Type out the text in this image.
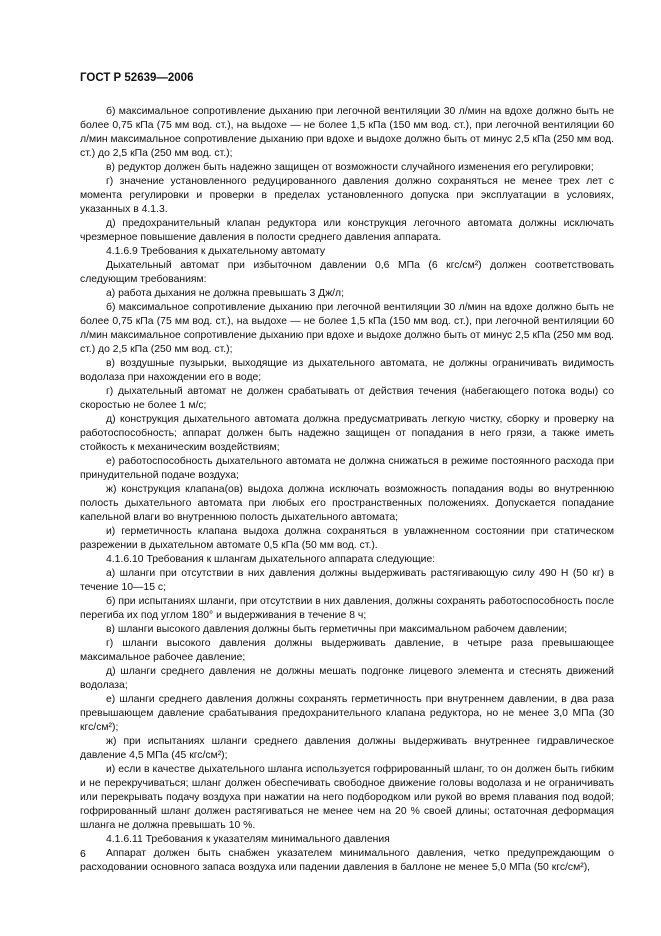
ГОСТ Р 52639—2006

б) максимальное сопротивление дыханию при легочной вентиляции 30 л/мин на вдохе должно быть не более 0,75 кПа (75 мм вод. ст.), на выдохе — не более 1,5 кПа (150 мм вод. ст.), при легочной вентиляции 60 л/мин максимальное сопротивление дыханию при вдохе и выдохе должно быть от минус 2,5 кПа (250 мм вод. ст.) до 2,5 кПа (250 мм вод. ст.);

в) редуктор должен быть надежно защищен от возможности случайного изменения его регулировки;

г) значение установленного редуцированного давления должно сохраняться не менее трех лет с момента регулировки и проверки в пределах установленного допуска при эксплуатации в условиях, указанных в 4.1.3.

д) предохранительный клапан редуктора или конструкция легочного автомата должны исключать чрезмерное повышение давления в полости среднего давления аппарата.

4.1.6.9 Требования к дыхательному автомату

Дыхательный автомат при избыточном давлении 0,6 МПа (6 кгс/см²) должен соответствовать следующим требованиям:

а) работа дыхания не должна превышать 3 Дж/л;

б) максимальное сопротивление дыханию при легочной вентиляции 30 л/мин на вдохе должно быть не более 0,75 кПа (75 мм вод. ст.), на выдохе — не более 1,5 кПа (150 мм вод. ст.), при легочной вентиляции 60 л/мин максимальное сопротивление дыханию при вдохе и выдохе должно быть от минус 2,5 кПа (250 мм вод. ст.) до 2,5 кПа (250 мм вод. ст.);

в) воздушные пузырьки, выходящие из дыхательного автомата, не должны ограничивать видимость водолаза при нахождении его в воде;

г) дыхательный автомат не должен срабатывать от действия течения (набегающего потока воды) со скоростью не более 1 м/с;

д) конструкция дыхательного автомата должна предусматривать легкую чистку, сборку и проверку на работоспособность; аппарат должен быть надежно защищен от попадания в него грязи, а также иметь стойкость к механическим воздействиям;

е) работоспособность дыхательного автомата не должна снижаться в режиме постоянного расхода при принудительной подаче воздуха;

ж) конструкция клапана(ов) выдоха должна исключать возможность попадания воды во внутреннюю полость дыхательного автомата при любых его пространственных положениях. Допускается попадание капельной влаги во внутреннюю полость дыхательного автомата;

и) герметичность клапана выдоха должна сохраняться в увлажненном состоянии при статическом разрежении в дыхательном автомате 0,5 кПа (50 мм вод. ст.).

4.1.6.10 Требования к шлангам дыхательного аппарата следующие:

а) шланги при отсутствии в них давления должны выдерживать растягивающую силу 490 Н (50 кг) в течение 10—15 с;

б) при испытаниях шланги, при отсутствии в них давления, должны сохранять работоспособность после перегиба их под углом 180° и выдерживания в течение 8 ч;

в) шланги высокого давления должны быть герметичны при максимальном рабочем давлении;

г) шланги высокого давления должны выдерживать давление, в четыре раза превышающее максимальное рабочее давление;

д) шланги среднего давления не должны мешать подгонке лицевого элемента и стеснять движений водолаза;

е) шланги среднего давления должны сохранять герметичность при внутреннем давлении, в два раза превышающем давление срабатывания предохранительного клапана редуктора, но не менее 3,0 МПа (30 кгс/см²);

ж) при испытаниях шланги среднего давления должны выдерживать внутреннее гидравлическое давление 4,5 МПа (45 кгс/см²);

и) если в качестве дыхательного шланга используется гофрированный шланг, то он должен быть гибким и не перекручиваться; шланг должен обеспечивать свободное движение головы водолаза и не ограничивать или перекрывать подачу воздуха при нажатии на него подбородком или рукой во время плавания под водой; гофрированный шланг должен растягиваться не менее чем на 20 % своей длины; остаточная деформация шланга не должна превышать 10 %.

4.1.6.11 Требования к указателям минимального давления

Аппарат должен быть снабжен указателем минимального давления, четко предупреждающим о расходовании основного запаса воздуха или падении давления в баллоне не менее 5,0 МПа (50 кгс/см²),

6
